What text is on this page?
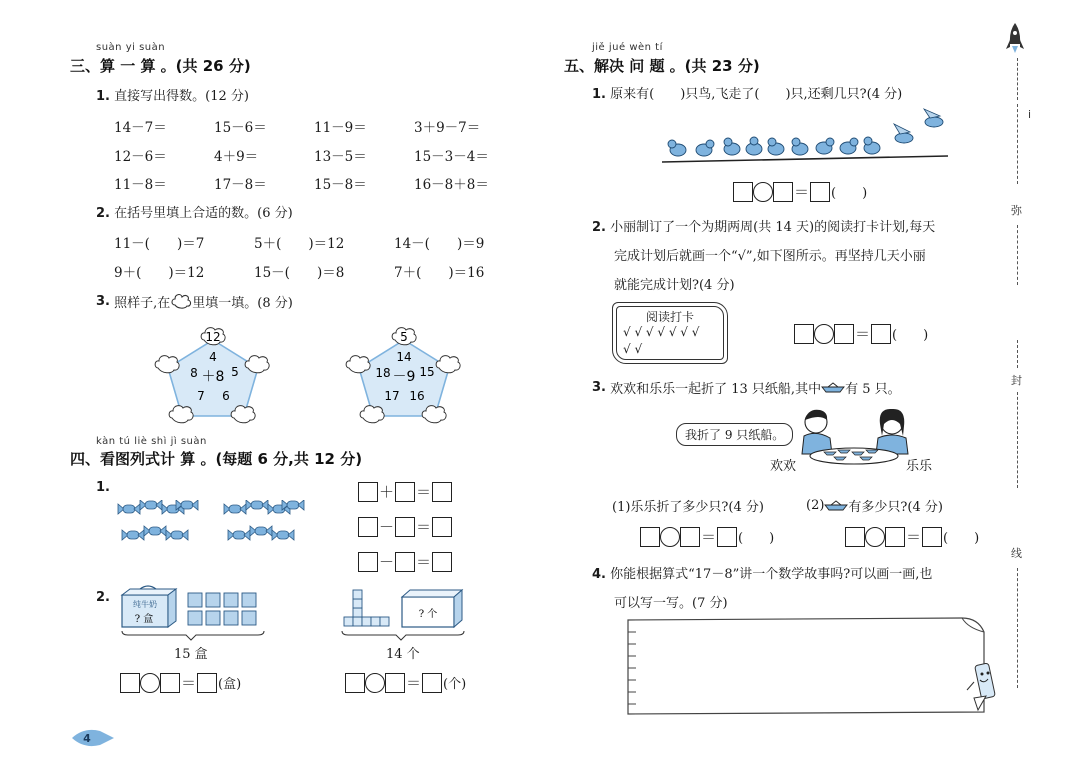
suàn yi suàn
三、算 一 算 。(共 26 分)
1. 直接写出得数。(12 分)
14－7＝	15－6＝	11－9＝	3＋9－7＝
12－6＝	4＋9＝	13－5＝	15－3－4＝
11－8＝	17－8＝	15－8＝	16－8＋8＝
2. 在括号里填上合适的数。(6 分)
11－(　　)＝7	5＋(　　)＝12	14－(　　)＝9
9＋(　　)＝12	15－(　　)＝8	7＋(　　)＝16
3.
照样子,在 里填一填。(8 分)
12
4
8 ＋8 5
7 6
5
14
18 －9 15
17 16
kàn tú liè shì jì suàn
四、看图列式计 算 。(每题 6 分,共 12 分)
1.	＋ ＝
－ ＝
－ ＝
2.	纯牛奶
? 盒
15 盒
? 个
14 个
＝ (盒)	＝ (个)
4
jiě jué wèn tí
五、解决 问 题 。(共 23 分)
1. 原来有(　　)只鸟,飞走了(　　)只,还剩几只?(4 分)
＝ (　　)
2. 小丽制订了一个为期两周(共 14 天)的阅读打卡计划,每天
完成计划后就画一个“√”,如下图所示。再坚持几天小丽
就能完成计划?(4 分)
阅读打卡
√ √ √ √ √ √ √
√ √
＝ (　　)
3.
欢欢和乐乐一起折了 13 只纸船,其中 有 5 只。
我折了 9 只纸船。
欢欢	乐乐
(1)乐乐折了多少只?(4 分)	(2) 有多少只?(4 分)
＝ (　　)	＝ (　　)
4. 你能根据算式“17－8”讲一个数学故事吗?可以画一画,也
可以写一写。(7 分)
i
弥
封
线
